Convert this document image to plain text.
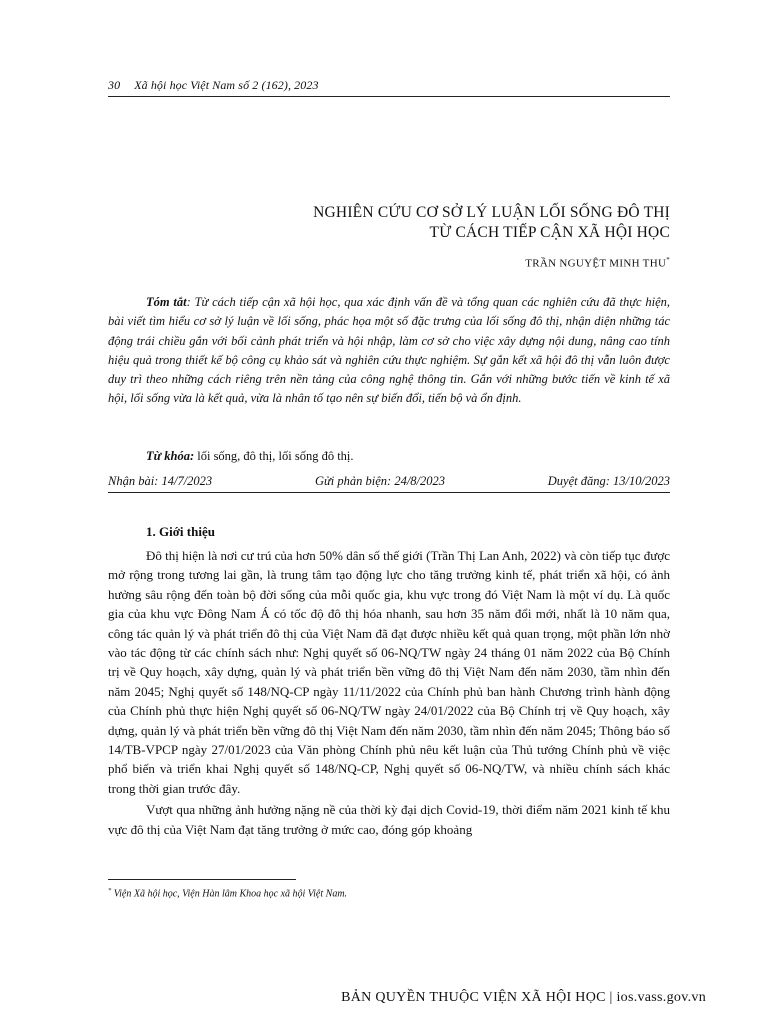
30 Xã hội học Việt Nam số 2 (162), 2023
NGHIÊN CỨU CƠ SỞ LÝ LUẬN LỐI SỐNG ĐÔ THỊ
TỪ CÁCH TIẾP CẬN XÃ HỘI HỌC
TRẦN NGUYỆT MINH THU*

Tóm tắt: Từ cách tiếp cận xã hội học, qua xác định vấn đề và tổng quan các nghiên cứu đã thực hiện, bài viết tìm hiểu cơ sở lý luận về lối sống, phác họa một số đặc trưng của lối sống đô thị, nhận diện những tác động trái chiều gắn với bối cảnh phát triển và hội nhập, làm cơ sở cho việc xây dựng nội dung, nâng cao tính hiệu quả trong thiết kế bộ công cụ khảo sát và nghiên cứu thực nghiệm. Sự gắn kết xã hội đô thị vẫn luôn được duy trì theo những cách riêng trên nền tảng của công nghệ thông tin. Gắn với những bước tiến về kinh tế xã hội, lối sống vừa là kết quả, vừa là nhân tố tạo nên sự biến đổi, tiến bộ và ổn định.

Từ khóa: lối sống, đô thị, lối sống đô thị.

Nhận bài: 14/7/2023	Gửi phản biện: 24/8/2023	Duyệt đăng: 13/10/2023
1. Giới thiệu

Đô thị hiện là nơi cư trú của hơn 50% dân số thế giới (Trần Thị Lan Anh, 2022) và còn tiếp tục được mở rộng trong tương lai gần, là trung tâm tạo động lực cho tăng trưởng kinh tế, phát triển xã hội, có ảnh hưởng sâu rộng đến toàn bộ đời sống của mỗi quốc gia, khu vực trong đó Việt Nam là một ví dụ. Là quốc gia của khu vực Đông Nam Á có tốc độ đô thị hóa nhanh, sau hơn 35 năm đổi mới, nhất là 10 năm qua, công tác quản lý và phát triển đô thị của Việt Nam đã đạt được nhiều kết quả quan trọng, một phần lớn nhờ vào tác động từ các chính sách như: Nghị quyết số 06-NQ/TW ngày 24 tháng 01 năm 2022 của Bộ Chính trị về Quy hoạch, xây dựng, quản lý và phát triển bền vững đô thị Việt Nam đến năm 2030, tầm nhìn đến năm 2045; Nghị quyết số 148/NQ-CP ngày 11/11/2022 của Chính phủ ban hành Chương trình hành động của Chính phủ thực hiện Nghị quyết số 06-NQ/TW ngày 24/01/2022 của Bộ Chính trị về Quy hoạch, xây dựng, quản lý và phát triển bền vững đô thị Việt Nam đến năm 2030, tầm nhìn đến năm 2045; Thông báo số 14/TB-VPCP ngày 27/01/2023 của Văn phòng Chính phủ nêu kết luận của Thủ tướng Chính phủ về việc phổ biến và triển khai Nghị quyết số 148/NQ-CP, Nghị quyết số 06-NQ/TW, và nhiều chính sách khác trong thời gian trước đây.

Vượt qua những ảnh hưởng nặng nề của thời kỳ đại dịch Covid-19, thời điểm năm 2021 kinh tế khu vực đô thị của Việt Nam đạt tăng trưởng ở mức cao, đóng góp khoảng

* Viện Xã hội học, Viện Hàn lâm Khoa học xã hội Việt Nam.
BẢN QUYỀN THUỘC VIỆN XÃ HỘI HỌC | ios.vass.gov.vn
